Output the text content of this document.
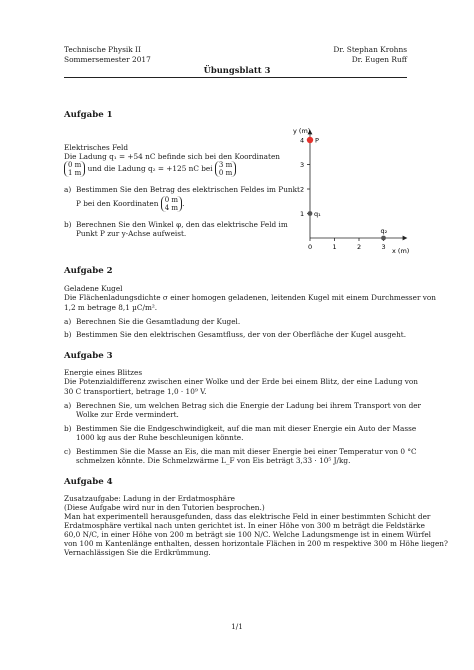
Technische Physik II
Sommersemester 2017
Dr. Stephan Krohns
Dr. Eugen Ruff
Übungsblatt 3
Aufgabe 1
Elektrisches Feld
Die Ladung q₁ = +54 nC befinde sich bei den Koordinaten
0 m
1 m und die Ladung q₂ = +125 nC bei 3 m
0 m
a) Bestimmen Sie den Betrag des elektrischen Feldes im Punkt
P bei den Koordinaten 0 m
4 m .
b) Berechnen Sie den Winkel φ, den das elektrische Feld im
Punkt P zur y-Achse aufweist.
y (m)
x (m)
0	1	2	3
1
2
3
4 P
q₁
q₂
Aufgabe 2
Geladene Kugel
Die Flächenladungsdichte σ einer homogen geladenen, leitenden Kugel mit einem Durchmesser von
1,2 m betrage 8,1 µC/m².
a) Berechnen Sie die Gesamtladung der Kugel.
b) Bestimmen Sie den elektrischen Gesamtfluss, der von der Oberfläche der Kugel ausgeht.
Aufgabe 3
Energie eines Blitzes
Die Potenzialdifferenz zwischen einer Wolke und der Erde bei einem Blitz, der eine Ladung von
30 C transportiert, betrage 1,0 · 10⁹ V.
a) Berechnen Sie, um welchen Betrag sich die Energie der Ladung bei ihrem Transport von der
Wolke zur Erde vermindert.
b) Bestimmen Sie die Endgeschwindigkeit, auf die man mit dieser Energie ein Auto der Masse
1000 kg aus der Ruhe beschleunigen könnte.
c) Bestimmen Sie die Masse an Eis, die man mit dieser Energie bei einer Temperatur von 0 °C
schmelzen könnte. Die Schmelzwärme L_F von Eis beträgt 3,33 · 10⁵ J/kg.
Aufgabe 4
Zusatzaufgabe: Ladung in der Erdatmosphäre
(Diese Aufgabe wird nur in den Tutorien besprochen.)
Man hat experimentell herausgefunden, dass das elektrische Feld in einer bestimmten Schicht der
Erdatmosphäre vertikal nach unten gerichtet ist. In einer Höhe von 300 m beträgt die Feldstärke
60,0 N/C, in einer Höhe von 200 m beträgt sie 100 N/C. Welche Ladungsmenge ist in einem Würfel
von 100 m Kantenlänge enthalten, dessen horizontale Flächen in 200 m respektive 300 m Höhe liegen?
Vernachlässigen Sie die Erdkrümmung.
1/1
